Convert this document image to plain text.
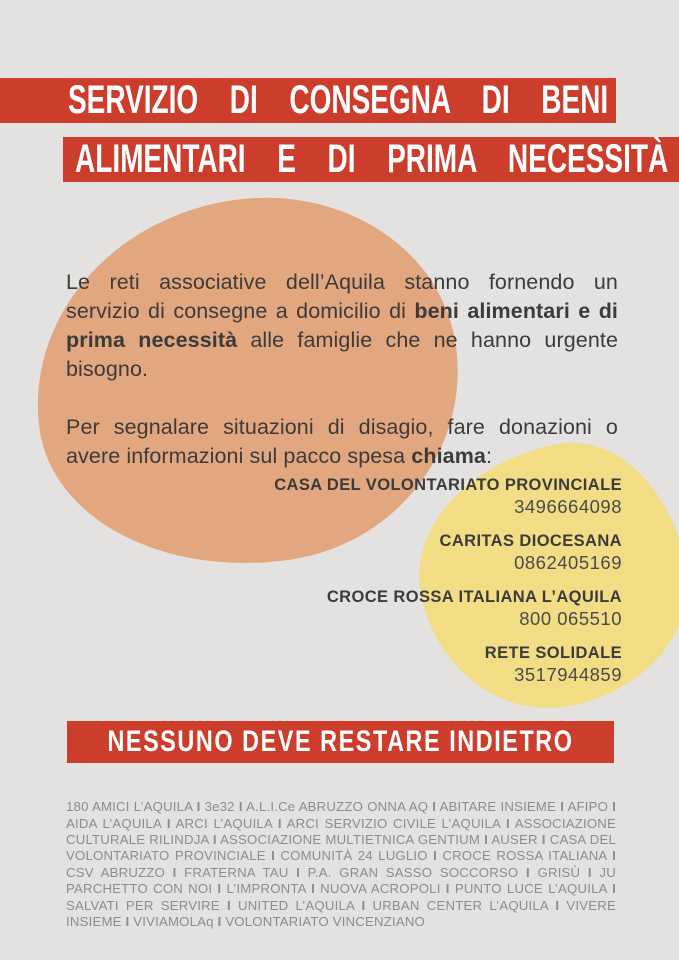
SERVIZIO DI CONSEGNA DI BENI
ALIMENTARI E DI PRIMA NECESSITÀ

Le reti associative dell’Aquila stanno fornendo un servizio di consegne a domicilio di beni alimentari e di prima necessità alle famiglie che ne hanno urgente bisogno.

Per segnalare situazioni di disagio, fare donazioni o avere informazioni sul pacco spesa chiama:

CASA DEL VOLONTARIATO PROVINCIALE
3496664098
CARITAS DIOCESANA
0862405169
CROCE ROSSA ITALIANA L’AQUILA
800 065510
RETE SOLIDALE
3517944859
NESSUNO DEVE RESTARE INDIETRO

180 AMICI L’AQUILA I 3e32 I A.L.I.Ce ABRUZZO ONNA AQ I ABITARE INSIEME I AFIPO I AIDA L’AQUILA I ARCI L’AQUILA I ARCI SERVIZIO CIVILE L’AQUILA I ASSOCIAZIONE CULTURALE RILINDJA I ASSOCIAZIONE MULTIETNICA GENTIUM I AUSER I CASA DEL VOLONTARIATO PROVINCIALE I COMUNITÀ 24 LUGLIO I CROCE ROSSA ITALIANA I CSV ABRUZZO I FRATERNA TAU I P.A. GRAN SASSO SOCCORSO I GRISÙ I JU PARCHETTO CON NOI I L’IMPRONTA I NUOVA ACROPOLI I PUNTO LUCE L’AQUILA I SALVATI PER SERVIRE I UNITED L’AQUILA I URBAN CENTER L’AQUILA I VIVERE INSIEME I VIVIAMOLAq I VOLONTARIATO VINCENZIANO
